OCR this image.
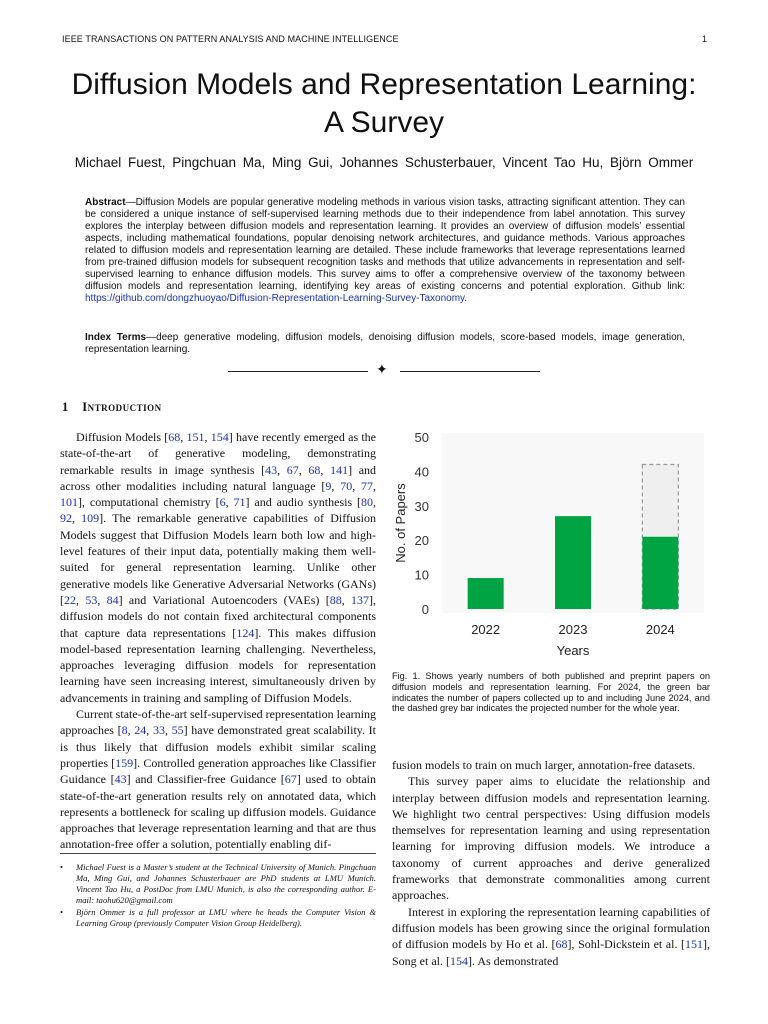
IEEE TRANSACTIONS ON PATTERN ANALYSIS AND MACHINE INTELLIGENCE	1
Diffusion Models and Representation Learning:
A Survey
Michael Fuest, Pingchuan Ma, Ming Gui, Johannes Schusterbauer, Vincent Tao Hu, Björn Ommer
Abstract—Diffusion Models are popular generative modeling methods in various vision tasks, attracting significant attention. They can be considered a unique instance of self-supervised learning methods due to their independence from label annotation. This survey explores the interplay between diffusion models and representation learning. It provides an overview of diffusion models’ essential aspects, including mathematical foundations, popular denoising network architectures, and guidance methods. Various approaches related to diffusion models and representation learning are detailed. These include frameworks that leverage representations learned from pre-trained diffusion models for subsequent recognition tasks and methods that utilize advancements in representation and self-supervised learning to enhance diffusion models. This survey aims to offer a comprehensive overview of the taxonomy between diffusion models and representation learning, identifying key areas of existing concerns and potential exploration. Github link: https://github.com/dongzhuoyao/Diffusion-Representation-Learning-Survey-Taxonomy.
Index Terms—deep generative modeling, diffusion models, denoising diffusion models, score-based models, image generation, representation learning.
✦
1 Introduction

Diffusion Models [68, 151, 154] have recently emerged as the state-of-the-art of generative modeling, demonstrating remarkable results in image synthesis [43, 67, 68, 141] and across other modalities including natural language [9, 70, 77, 101], computational chemistry [6, 71] and audio synthesis [80, 92, 109]. The remarkable generative capabilities of Diffusion Models suggest that Diffusion Models learn both low and high-level features of their input data, potentially making them well-suited for general representation learning. Unlike other generative models like Generative Adversarial Networks (GANs) [22, 53, 84] and Variational Autoencoders (VAEs) [88, 137], diffusion models do not contain fixed architectural components that capture data representations [124]. This makes diffusion model-based representation learning challenging. Nevertheless, approaches leveraging diffusion models for representation learning have seen increasing interest, simultaneously driven by advancements in training and sampling of Diffusion Models.

Current state-of-the-art self-supervised representation learning approaches [8, 24, 33, 55] have demonstrated great scalability. It is thus likely that diffusion models exhibit similar scaling properties [159]. Controlled generation approaches like Classifier Guidance [43] and Classifier-free Guidance [67] used to obtain state-of-the-art generation results rely on annotated data, which represents a bottleneck for scaling up diffusion models. Guidance approaches that leverage representation learning and that are thus annotation-free offer a solution, potentially enabling dif-

• Michael Fuest is a Master’s student at the Technical University of Munich. Pingchuan Ma, Ming Gui, and Johannes Schusterbauer are PhD students at LMU Munich. Vincent Tao Hu, a PostDoc from LMU Munich, is also the corresponding author. E-mail: taohu620@gmail.com
• Björn Ommer is a full professor at LMU where he heads the Computer Vision & Learning Group (previously Computer Vision Group Heidelberg).
0
10
20
30
40
50
2022	2023	2024
Years
No. of Papers
Fig. 1. Shows yearly numbers of both published and preprint papers on diffusion models and representation learning. For 2024, the green bar indicates the number of papers collected up to and including June 2024, and the dashed grey bar indicates the projected number for the whole year.

fusion models to train on much larger, annotation-free datasets.

This survey paper aims to elucidate the relationship and interplay between diffusion models and representation learning. We highlight two central perspectives: Using diffusion models themselves for representation learning and using representation learning for improving diffusion models. We introduce a taxonomy of current approaches and derive generalized frameworks that demonstrate commonalities among current approaches.

Interest in exploring the representation learning capabilities of diffusion models has been growing since the original formulation of diffusion models by Ho et al. [68], Sohl-Dickstein et al. [151], Song et al. [154]. As demonstrated
